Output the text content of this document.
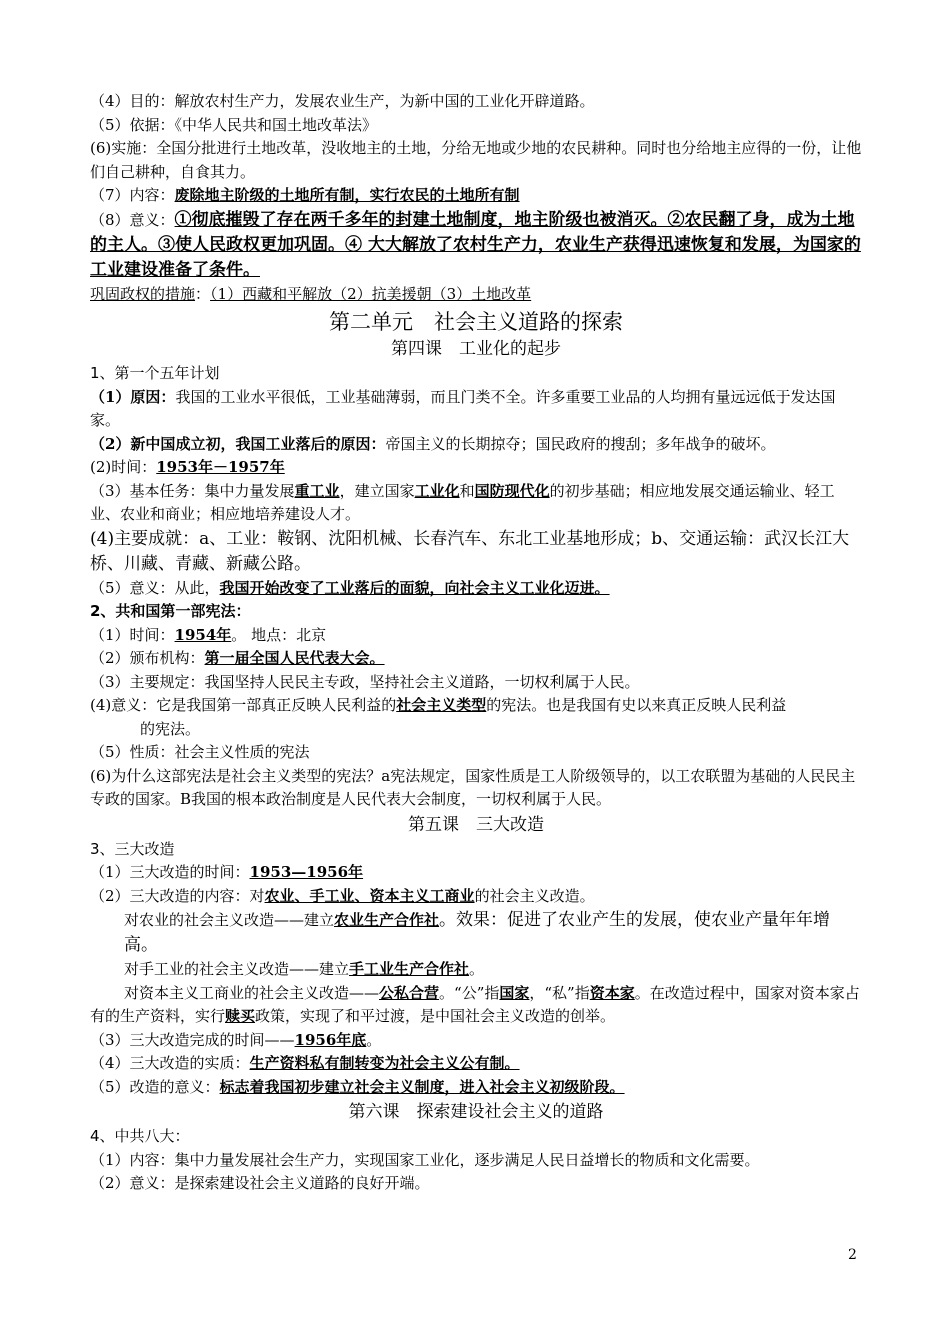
（4）目的：解放农村生产力，发展农业生产，为新中国的工业化开辟道路。
（5）依据：《中华人民共和国土地改革法》
(6)实施：全国分批进行土地改革，没收地主的土地，分给无地或少地的农民耕种。同时也分给地主应得的一份，让他们自己耕种，自食其力。
（7）内容：废除地主阶级的土地所有制，实行农民的土地所有制
（8）意义：①彻底摧毁了存在两千多年的封建土地制度，地主阶级也被消灭。②农民翻了身，成为土地的主人。③使人民政权更加巩固。④ 大大解放了农村生产力，农业生产获得迅速恢复和发展，为国家的工业建设准备了条件。
巩固政权的措施：（1）西藏和平解放（2）抗美援朝（3）土地改革
第二单元　社会主义道路的探索
第四课　工业化的起步
1、第一个五年计划
（1）原因：我国的工业水平很低，工业基础薄弱，而且门类不全。许多重要工业品的人均拥有量远远低于发达国家。
（2）新中国成立初，我国工业落后的原因：帝国主义的长期掠夺；国民政府的搜刮；多年战争的破坏。
(2)时间：1953年－1957年
（3）基本任务：集中力量发展重工业，建立国家工业化和国防现代化的初步基础；相应地发展交通运输业、轻工业、农业和商业；相应地培养建设人才。
(4)主要成就：a、工业：鞍钢、沈阳机械、长春汽车、东北工业基地形成；b、交通运输：武汉长江大桥、川藏、青藏、新藏公路。
（5）意义：从此，我国开始改变了工业落后的面貌，向社会主义工业化迈进。
2、共和国第一部宪法：
（1）时间：1954年。 地点：北京
（2）颁布机构：第一届全国人民代表大会。
（3）主要规定：我国坚持人民民主专政，坚持社会主义道路，一切权利属于人民。
(4)意义：它是我国第一部真正反映人民利益的社会主义类型的宪法。也是我国有史以来真正反映人民利益
的宪法。
（5）性质：社会主义性质的宪法
(6)为什么这部宪法是社会主义类型的宪法？a宪法规定，国家性质是工人阶级领导的，以工农联盟为基础的人民民主专政的国家。B我国的根本政治制度是人民代表大会制度，一切权利属于人民。
第五课　三大改造
3、三大改造
（1）三大改造的时间：1953—1956年
（2）三大改造的内容：对农业、手工业、资本主义工商业的社会主义改造。
对农业的社会主义改造——建立农业生产合作社。效果：促进了农业产生的发展，使农业产量年年增高。
对手工业的社会主义改造——建立手工业生产合作社。
对资本主义工商业的社会主义改造——公私合营。“公”指国家，“私”指资本家。在改造过程中，国家对资本家占有的生产资料，实行赎买政策，实现了和平过渡，是中国社会主义改造的创举。
（3）三大改造完成的时间——1956年底。
（4）三大改造的实质：生产资料私有制转变为社会主义公有制。
（5）改造的意义：标志着我国初步建立社会主义制度，进入社会主义初级阶段。
第六课　探索建设社会主义的道路
4、中共八大：
（1）内容：集中力量发展社会生产力，实现国家工业化，逐步满足人民日益增长的物质和文化需要。
（2）意义：是探索建设社会主义道路的良好开端。
2
